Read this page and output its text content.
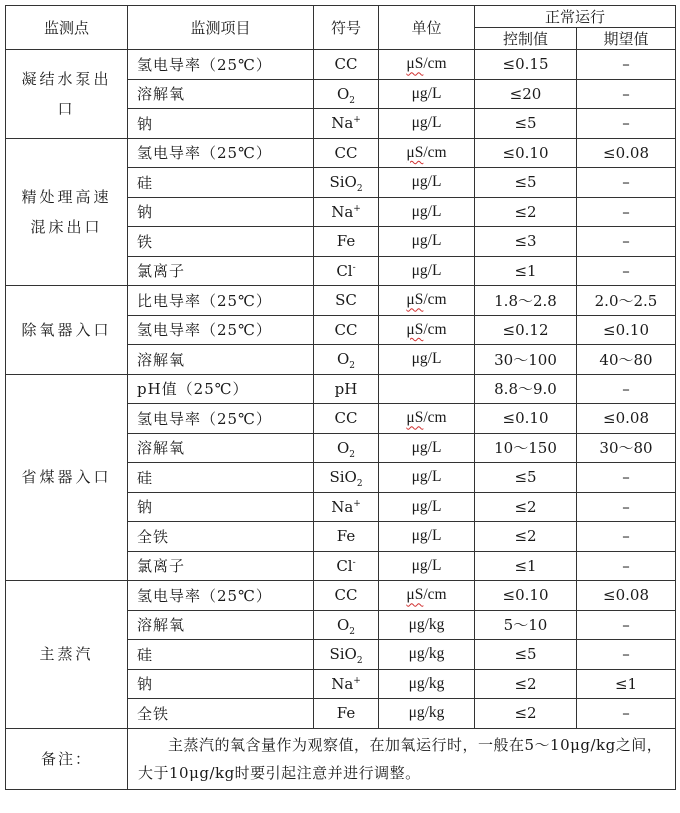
监测点	监测项目	符号	单位	正常运行	
				控制值	期望值
凝结水泵出口	氢电导率（25℃）	CC	μS/cm	≤0.15	–
	溶解氧	$O_2$	μg/L	≤20	–
	钠	Na+	μg/L	≤5	–
精处理高速混床出口	氢电导率（25℃）	CC	μS/cm	≤0.10	≤0.08
	硅	SiO$_2$	μg/L	≤5	–
	钠	Na+	μg/L	≤2	–
	铁	Fe	μg/L	≤3	–
	氯离子	Cl-	μg/L	≤1	–
除氧器入口	比电导率（25℃）	SC	μS/cm	1.8～2.8	2.0～2.5
	氢电导率（25℃）	CC	μS/cm	≤0.12	≤0.10
	溶解氧	$O_2$	μg/L	30～100	40～80
省煤器入口	pH值（25℃）	pH		8.8～9.0	–
	氢电导率（25℃）	CC	μS/cm	≤0.10	≤0.08
	溶解氧	$O_2$	μg/L	10～150	30～80
	硅	SiO$_2$	μg/L	≤5	–
	钠	Na+	μg/L	≤2	–
	全铁	Fe	μg/L	≤2	–
	氯离子	Cl-	μg/L	≤1	–
主蒸汽	氢电导率（25℃）	CC	μS/cm	≤0.10	≤0.08
	溶解氧	$O_2$	μg/kg	5～10	–
	硅	SiO$_2$	μg/kg	≤5	–
	钠	Na+	μg/kg	≤2	≤1
	全铁	Fe	μg/kg	≤2	–
备注：	主蒸汽的氧含量作为观察值，在加氧运行时，一般在5～10μg/kg之间，大于10μg/kg时要引起注意并进行调整。				
